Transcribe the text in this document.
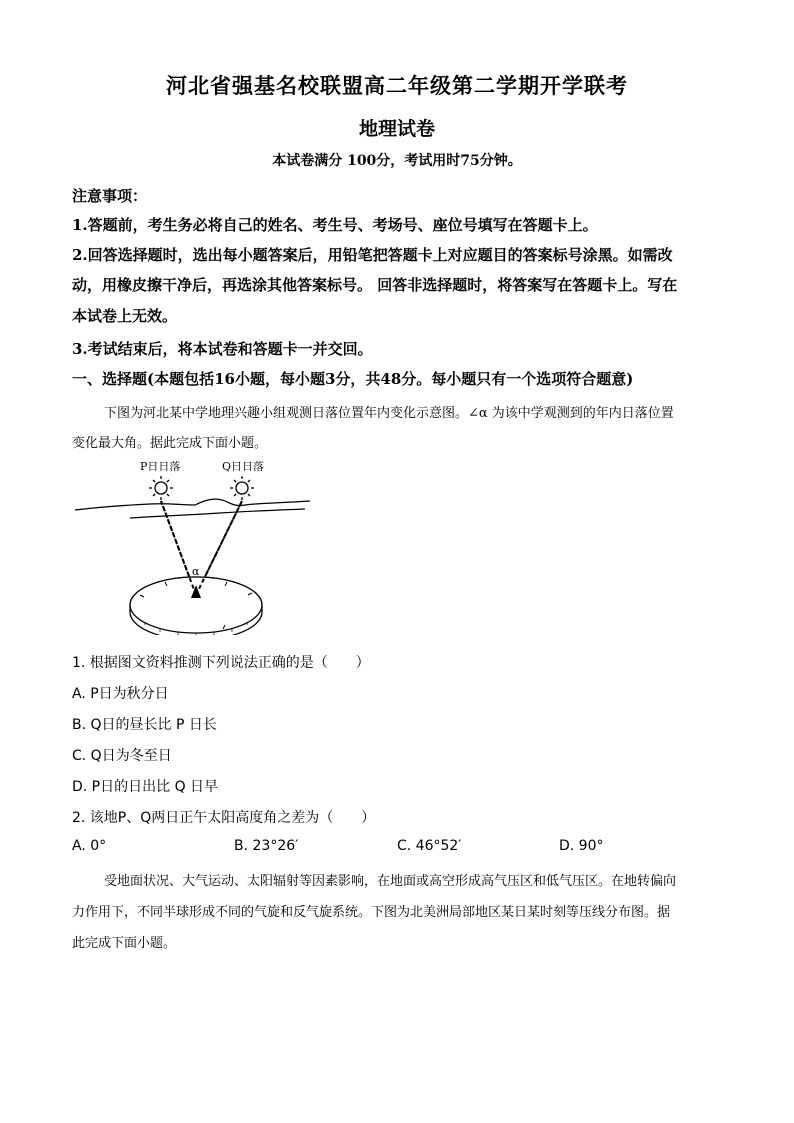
河北省强基名校联盟高二年级第二学期开学联考
地理试卷
本试卷满分 100分，考试用时75分钟。
注意事项：
1.答题前，考生务必将自己的姓名、考生号、考场号、座位号填写在答题卡上。
2.回答选择题时，选出每小题答案后，用铅笔把答题卡上对应题目的答案标号涂黑。如需改
动，用橡皮擦干净后，再选涂其他答案标号。 回答非选择题时，将答案写在答题卡上。写在
本试卷上无效。
3.考试结束后，将本试卷和答题卡一并交回。
一、选择题(本题包括16小题，每小题3分，共48分。每小题只有一个选项符合题意)
下图为河北某中学地理兴趣小组观测日落位置年内变化示意图。∠α 为该中学观测到的年内日落位置
变化最大角。据此完成下面小题。
P日日落	Q日日落
α
1. 根据图文资料推测下列说法正确的是（　　）
A. P日为秋分日
B. Q日的昼长比 P 日长
C. Q日为冬至日
D. P日的日出比 Q 日早
2. 该地P、Q两日正午太阳高度角之差为（　　）
A. 0°	B. 23°26′	C. 46°52′	D. 90°
受地面状况、大气运动、太阳辐射等因素影响，在地面或高空形成高气压区和低气压区。在地转偏向
力作用下，不同半球形成不同的气旋和反气旋系统。下图为北美洲局部地区某日某时刻等压线分布图。据
此完成下面小题。
